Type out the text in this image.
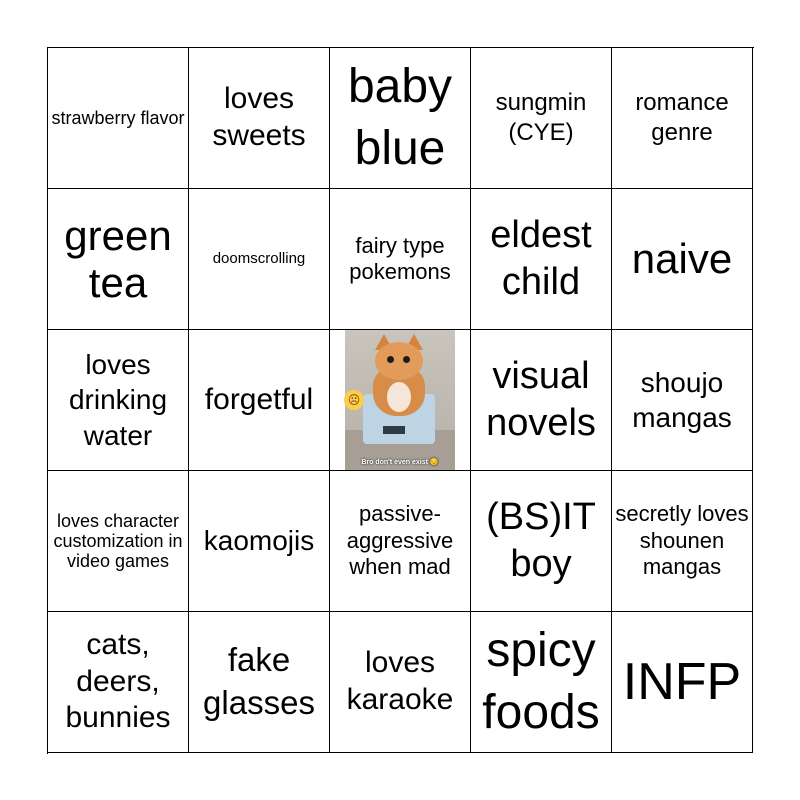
strawberry flavor
loves sweets
baby blue
sungmin (CYE)
romance genre
green tea
doomscrolling
fairy type pokemons
eldest child	naive
loves drinking water
forgetful
Bro don't even exist 😔
visual novels
shoujo mangas
loves character customization in video games
kaomojis
passive-aggressive when mad
(BS)IT boy
secretly loves shounen mangas
cats, deers, bunnies
fake glasses
loves karaoke
spicy foods
INFP
☹
